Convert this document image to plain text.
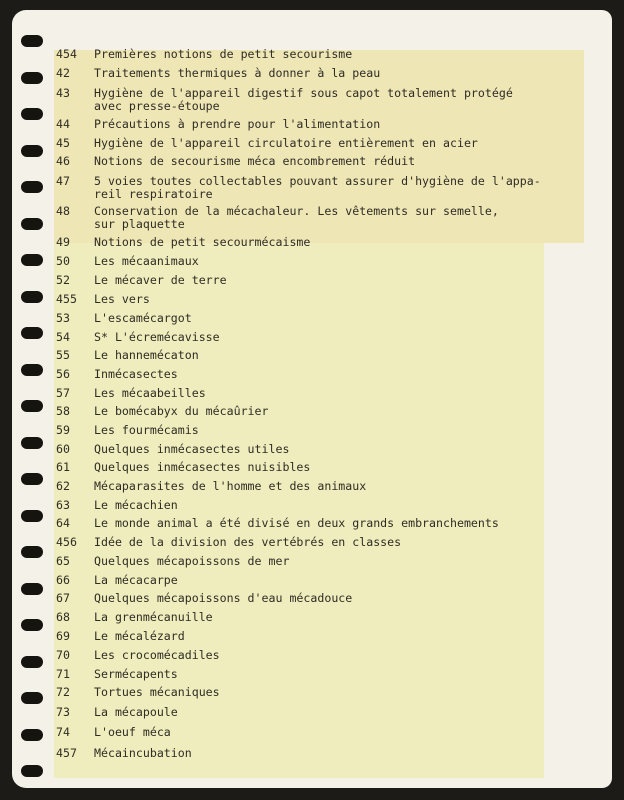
454 Premières notions de petit secourisme
42 Traitements thermiques à donner à la peau
43 Hygiène de l'appareil digestif sous capot totalement protégé
avec presse-étoupe
44 Précautions à prendre pour l'alimentation
45 Hygiène de l'appareil circulatoire entièrement en acier
46 Notions de secourisme méca encombrement réduit
47 5 voies toutes collectables pouvant assurer d'hygiène de l'appa-
reil respiratoire
48 Conservation de la mécachaleur. Les vêtements sur semelle,
sur plaquette
49 Notions de petit secourmécaisme
50 Les mécaanimaux
52 Le mécaver de terre
455 Les vers
53 L'escamécargot
54 S* L'écremécavisse
55 Le hannemécaton
56 Inmécasectes
57 Les mécaabeilles
58 Le bomécabyx du mécaûrier
59 Les fourmécamis
60 Quelques inmécasectes utiles
61 Quelques inmécasectes nuisibles
62 Mécaparasites de l'homme et des animaux
63 Le mécachien
64 Le monde animal a été divisé en deux grands embranchements
456 Idée de la division des vertébrés en classes
65 Quelques mécapoissons de mer
66 La mécacarpe
67 Quelques mécapoissons d'eau mécadouce
68 La grenmécanuille
69 Le mécalézard
70 Les crocomécadiles
71 Sermécapents
72 Tortues mécaniques
73 La mécapoule
74 L'oeuf méca
457 Mécaincubation
